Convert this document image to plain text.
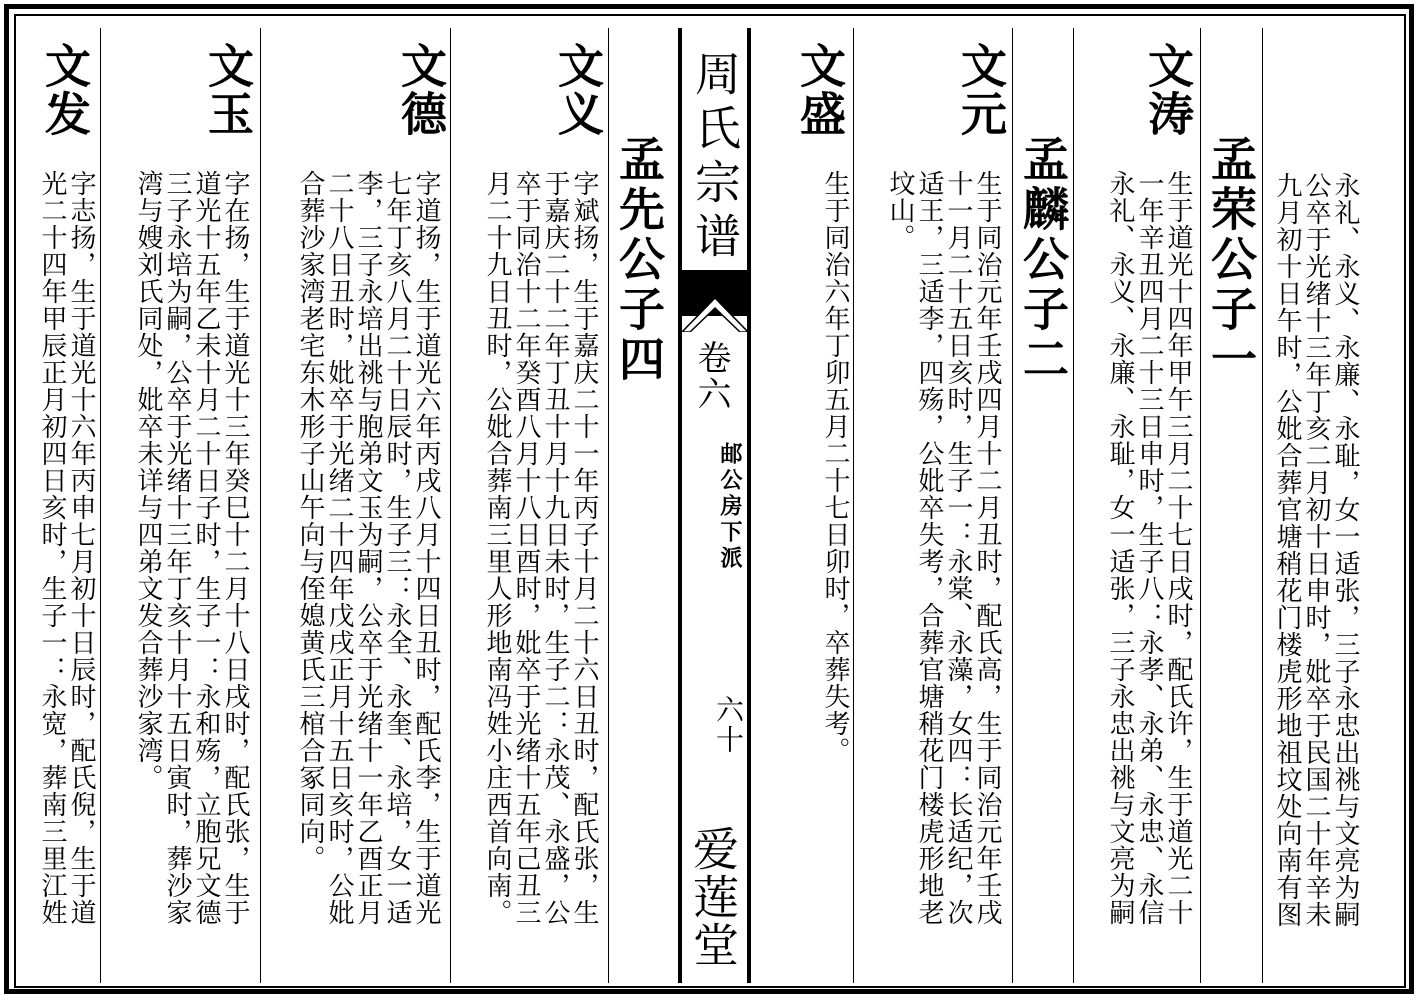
周氏宗谱
卷六
邮公房下派
六十
爱莲堂	永礼、永义、永廉、永耻，女一适张，三子永忠出祧与文亮为嗣
公卒于光绪十三年丁亥二月初十日申时，妣卒于民国二十年辛未
九月初十日午时，公妣合葬官塘稍花门楼虎形地祖坟处向南有图
孟荣公子一
文涛
生于道光十四年甲午三月二十七日戌时，配氏许，生于道光二十
一年辛丑四月二十三日申时，生子八：永孝、永弟、永忠、永信
永礼、永义、永廉、永耻，女一适张，三子永忠出祧与文亮为嗣
孟麟公子二
文元
生于同治元年壬戌四月十二月丑时，配氏高，生于同治元年壬戌
十一月二十五日亥时，生子一：永棠、永藻，女四：长适纪，次
适王，三适李，四殇，公妣卒失考，合葬官塘稍花门楼虎形地老
坟山。
文盛
生于同治六年丁卯五月二十七日卯时，卒葬失考。
孟先公子四
文义
字斌扬，生于嘉庆二十一年丙子十月二十六日丑时，配氏张，生
于嘉庆二十二年丁丑十月十九日未时，生子二：永茂、永盛，公
卒于同治十二年癸酉八月十八日酉时，妣卒于光绪十五年己丑三
月二十九日丑时，公妣合葬南三里人形地南冯姓小庄西首向南。
文德
字道扬，生于道光六年丙戌八月十四日丑时，配氏李，生于道光
七年丁亥八月二十日辰时，生子三：永全、永奎、永培，女一适
李，三子永培出祧与胞弟文玉为嗣，公卒于光绪十一年乙酉正月
二十八日丑时，妣卒于光绪二十四年戊戌正月十五日亥时，公妣
合葬沙家湾老宅东木形子山午向与侄媳黄氏三棺合冢同向。
文玉
字在扬，生于道光十三年癸巳十二月十八日戌时，配氏张，生于
道光十五年乙未十月二十日子时，生子一：永和殇，立胞兄文德
三子永培为嗣，公卒于光绪十三年丁亥十月十五日寅时，葬沙家
湾与嫂刘氏同处，妣卒未详与四弟文发合葬沙家湾。
文发
字志扬，生于道光十六年丙申七月初十日辰时，配氏倪，生于道
光二十四年甲辰正月初四日亥时，生子一：永宽，葬南三里江姓
